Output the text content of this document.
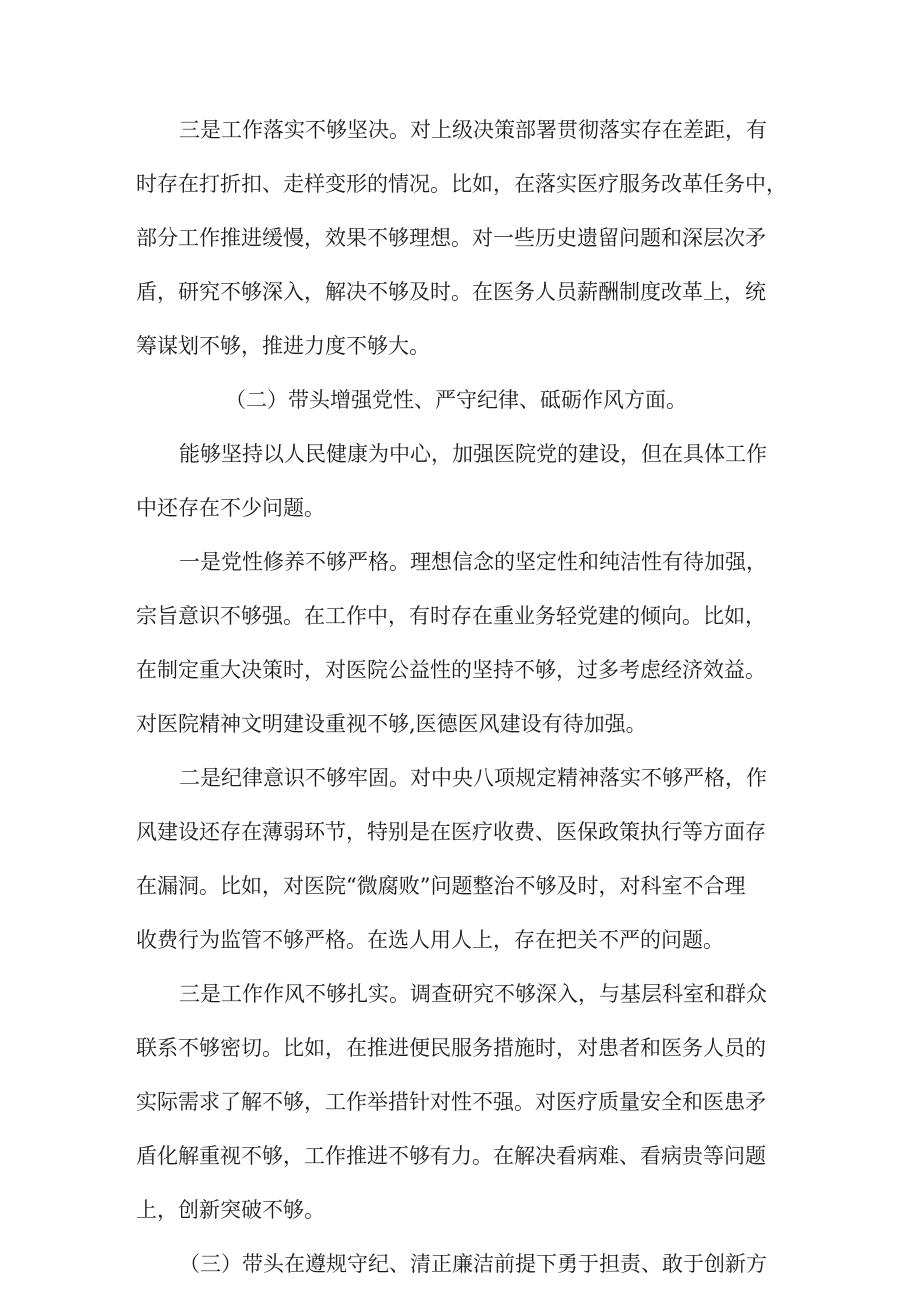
三是工作落实不够坚决。对上级决策部署贯彻落实存在差距，有
时存在打折扣、走样变形的情况。比如，在落实医疗服务改革任务中，
部分工作推进缓慢，效果不够理想。对一些历史遗留问题和深层次矛
盾，研究不够深入，解决不够及时。在医务人员薪酬制度改革上，统
筹谋划不够，推进力度不够大。
（二）带头增强党性、严守纪律、砥砺作风方面。
能够坚持以人民健康为中心，加强医院党的建设，但在具体工作
中还存在不少问题。
一是党性修养不够严格。理想信念的坚定性和纯洁性有待加强，
宗旨意识不够强。在工作中，有时存在重业务轻党建的倾向。比如，
在制定重大决策时，对医院公益性的坚持不够，过多考虑经济效益。
对医院精神文明建设重视不够,医德医风建设有待加强。
二是纪律意识不够牢固。对中央八项规定精神落实不够严格，作
风建设还存在薄弱环节，特别是在医疗收费、医保政策执行等方面存
在漏洞。比如，对医院“微腐败”问题整治不够及时，对科室不合理
收费行为监管不够严格。在选人用人上，存在把关不严的问题。
三是工作作风不够扎实。调查研究不够深入，与基层科室和群众
联系不够密切。比如，在推进便民服务措施时，对患者和医务人员的
实际需求了解不够，工作举措针对性不强。对医疗质量安全和医患矛
盾化解重视不够，工作推进不够有力。在解决看病难、看病贵等问题
上，创新突破不够。
（三）带头在遵规守纪、清正廉洁前提下勇于担责、敢于创新方
